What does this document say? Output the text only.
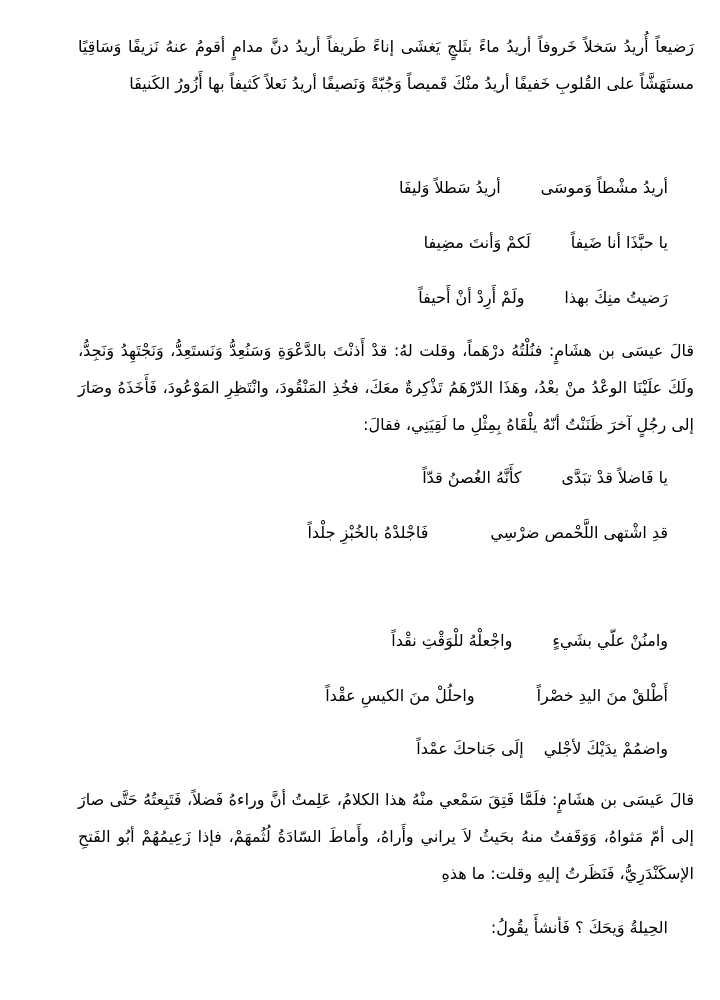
رَضيعاً أُريدُ سَخلاً خَروفاً أريدُ ماءً بثَلجٍ يَغشَى إناءً طَريفاً أريدُ دنَّ مدامٍ أقومُ عنهُ نَزيفًا وَسَاقِيًا مستَهَشَّاً على القُلوبِ خَفيفًا أريدُ منْكَ قَميصاً وَجُبّةً وَنَصيفًا أريدُ نَعلاً كَثيفاً بها أَزُورُ الكَنيفَا

أريدُ مشْطاً وَموسَىأريدُ سَطلاً وَليفَا
يا حبَّذَا أنا ضَيفاًلَكمْ وَأنتَ مضِيفا
رَضيتُ منِكَ بهذاولَمْ أَرِدْ أنْ أَحيفاً

قالَ عيسَى بن هشَامٍ: فنُلْتُهُ درْهَماً، وقلت لهُ: قدْ أَذنْتَ بالدَّعْوَةِ وَسَنُعِدُّ وَنَستَعِدُّ، وَنَجْتَهِدُ وَنَجِدُّ، ولَكَ علَيْنَا الوعْدُ منْ بعْدُ، وهَذَا الدّرْهَمُ تَذْكِرةٌ معَكَ، فخُذِ المَنْقُودَ، وانْتَظِرِ المَوْعُودَ، فَأَخَذَهُ وصَارَ إلى رجُلٍ آخرَ ظَنَنْتُ أنّهُ يلْقَاهُ بِمِثْلِ ما لَقِيَنِي، فقالَ:

يا فَاضلاً قدْ تبَدَّىكأَنَّهُ الغُصنُ قدّاً
قدِ اشْتهى اللَّحْمص ضرْسِيفَاجْلدْهُ بالخُبْزِ جلْداً
وامنُنْ علّي بشَيءٍواجْعلْهُ للْوَقْتِ نقْداً
أَطْلقْ منَ اليدِ خصْراًواحلُلْ منَ الكيسِ عقْداً
واضمُمْ يدَيْكَ لأجْليإلَى جَناحكَ عمْداً

قالَ عَيسَى بن هشَامٍ: فلَمَّا فَتِقَ سَمْعي منْهُ هذا الكلامُ، عَلِمتُ أنَّ وراءهُ فَضلاً، فَتَبِعتُهُ حَتَّى صارَ إلى أمّ مَثواهُ، وَوَقَفتُ منهُ بحَيثُ لاَ يراني وأَراهُ، وأَماطَ السّادَةُ لُثُمهَمْ، فإذا زَعِيمُهُمْ أبُو الفَتحِ الإسكَنْدَرِيُّ، فَنَظَرتُ إليهِ وقلت: ما هذهِ

الحِيلةُ وَيحَكَ ؟ فَأنشأَ يقُولُ:
